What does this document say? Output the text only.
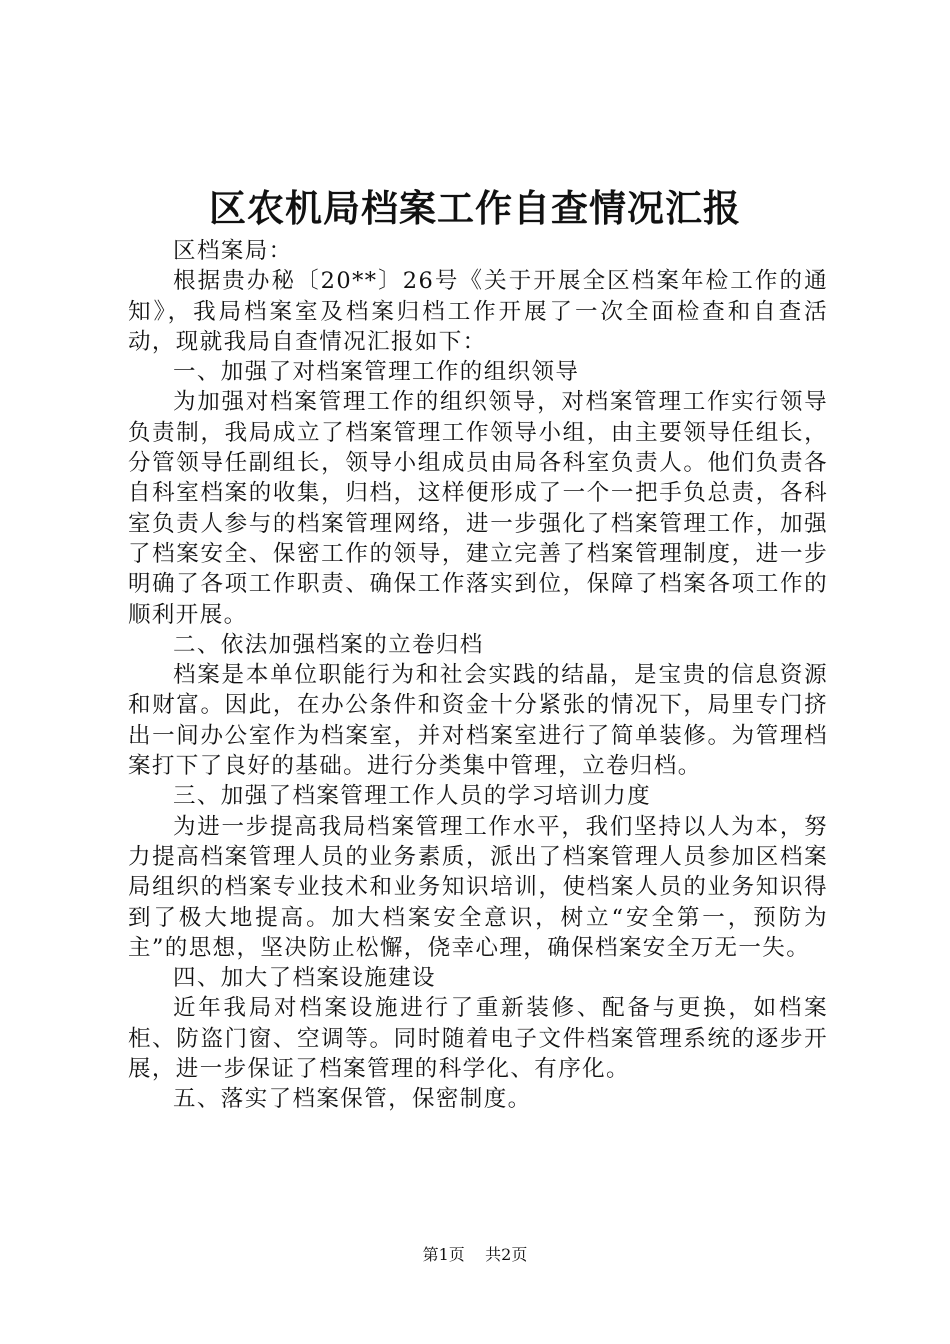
区农机局档案工作自查情况汇报

区档案局：

根据贵办秘〔20**〕26号《关于开展全区档案年检工作的通知》，我局档案室及档案归档工作开展了一次全面检查和自查活动，现就我局自查情况汇报如下：

一、加强了对档案管理工作的组织领导

为加强对档案管理工作的组织领导，对档案管理工作实行领导负责制，我局成立了档案管理工作领导小组，由主要领导任组长，分管领导任副组长，领导小组成员由局各科室负责人。他们负责各自科室档案的收集，归档，这样便形成了一个一把手负总责，各科室负责人参与的档案管理网络，进一步强化了档案管理工作，加强了档案安全、保密工作的领导，建立完善了档案管理制度，进一步明确了各项工作职责、确保工作落实到位，保障了档案各项工作的顺利开展。

二、依法加强档案的立卷归档

档案是本单位职能行为和社会实践的结晶，是宝贵的信息资源和财富。因此，在办公条件和资金十分紧张的情况下，局里专门挤出一间办公室作为档案室，并对档案室进行了简单装修。为管理档案打下了良好的基础。进行分类集中管理，立卷归档。

三、加强了档案管理工作人员的学习培训力度

为进一步提高我局档案管理工作水平，我们坚持以人为本，努力提高档案管理人员的业务素质，派出了档案管理人员参加区档案局组织的档案专业技术和业务知识培训，使档案人员的业务知识得到了极大地提高。加大档案安全意识，树立“安全第一，预防为主”的思想，坚决防止松懈，侥幸心理，确保档案安全万无一失。

四、加大了档案设施建设

近年我局对档案设施进行了重新装修、配备与更换，如档案柜、防盗门窗、空调等。同时随着电子文件档案管理系统的逐步开展，进一步保证了档案管理的科学化、有序化。

五、落实了档案保管，保密制度。

第1页 共2页
